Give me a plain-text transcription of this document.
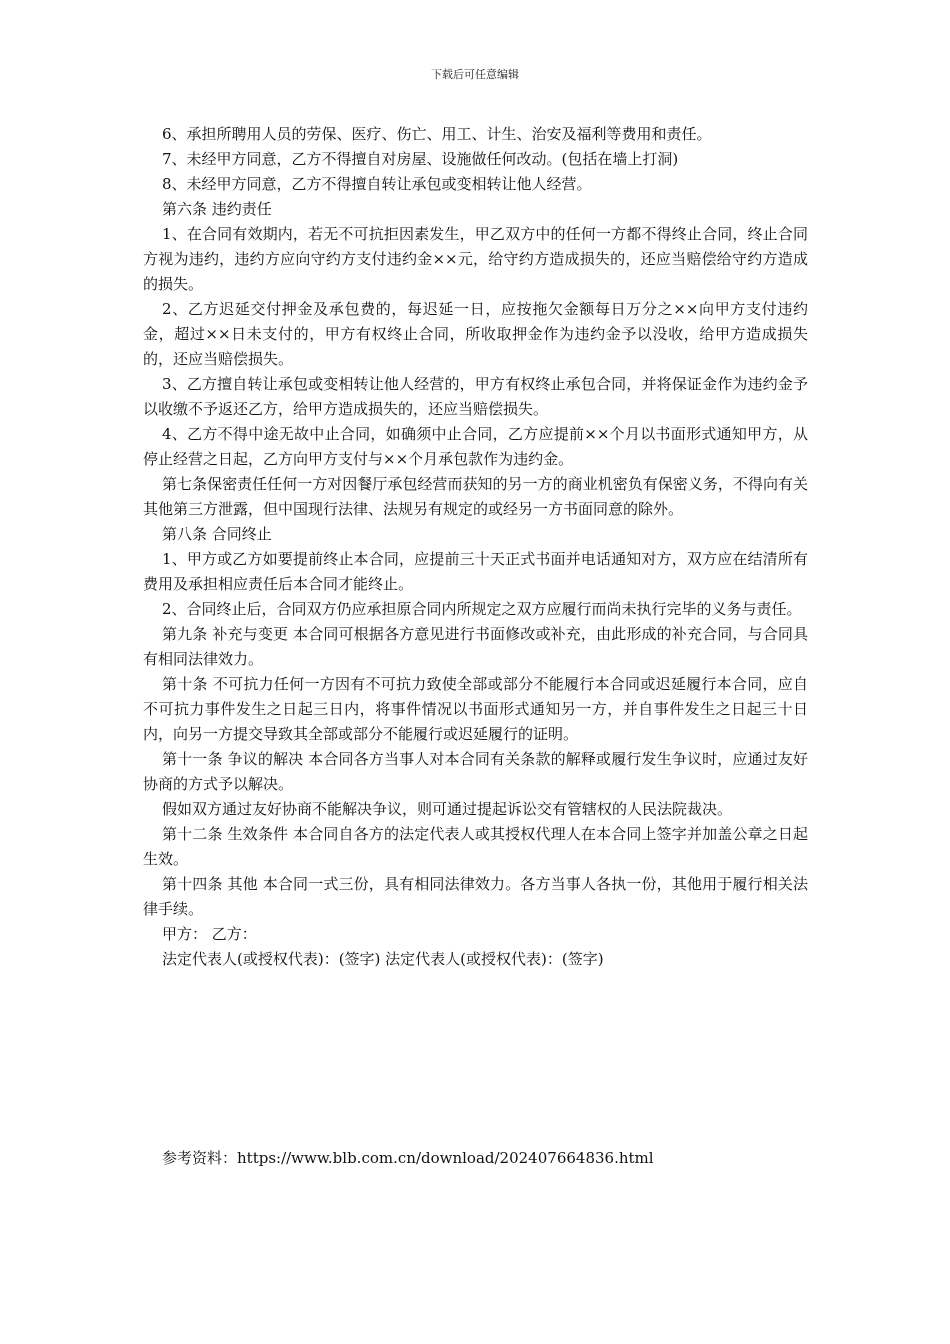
下载后可任意编辑

6、承担所聘用人员的劳保、医疗、伤亡、用工、计生、治安及福利等费用和责任。

7、未经甲方同意，乙方不得擅自对房屋、设施做任何改动。(包括在墙上打洞)

8、未经甲方同意，乙方不得擅自转让承包或变相转让他人经营。

第六条 违约责任

1、在合同有效期内，若无不可抗拒因素发生，甲乙双方中的任何一方都不得终止合同，终止合同方视为违约，违约方应向守约方支付违约金××元，给守约方造成损失的，还应当赔偿给守约方造成的损失。

2、乙方迟延交付押金及承包费的，每迟延一日，应按拖欠金额每日万分之××向甲方支付违约金，超过××日未支付的，甲方有权终止合同，所收取押金作为违约金予以没收，给甲方造成损失的，还应当赔偿损失。

3、乙方擅自转让承包或变相转让他人经营的，甲方有权终止承包合同，并将保证金作为违约金予以收缴不予返还乙方，给甲方造成损失的，还应当赔偿损失。

4、乙方不得中途无故中止合同，如确须中止合同，乙方应提前××个月以书面形式通知甲方，从停止经营之日起，乙方向甲方支付与××个月承包款作为违约金。

第七条保密责任任何一方对因餐厅承包经营而获知的另一方的商业机密负有保密义务，不得向有关其他第三方泄露，但中国现行法律、法规另有规定的或经另一方书面同意的除外。

第八条 合同终止

1、甲方或乙方如要提前终止本合同，应提前三十天正式书面并电话通知对方，双方应在结清所有费用及承担相应责任后本合同才能终止。

2、合同终止后，合同双方仍应承担原合同内所规定之双方应履行而尚未执行完毕的义务与责任。

第九条 补充与变更 本合同可根据各方意见进行书面修改或补充，由此形成的补充合同，与合同具有相同法律效力。

第十条 不可抗力任何一方因有不可抗力致使全部或部分不能履行本合同或迟延履行本合同，应自不可抗力事件发生之日起三日内，将事件情况以书面形式通知另一方，并自事件发生之日起三十日内，向另一方提交导致其全部或部分不能履行或迟延履行的证明。

第十一条 争议的解决 本合同各方当事人对本合同有关条款的解释或履行发生争议时，应通过友好协商的方式予以解决。

假如双方通过友好协商不能解决争议，则可通过提起诉讼交有管辖权的人民法院裁决。

第十二条 生效条件 本合同自各方的法定代表人或其授权代理人在本合同上签字并加盖公章之日起生效。

第十四条 其他 本合同一式三份，具有相同法律效力。各方当事人各执一份，其他用于履行相关法律手续。

甲方： 乙方：

法定代表人(或授权代表)：(签字) 法定代表人(或授权代表)：(签字)

参考资料：https://www.blb.com.cn/download/202407664836.html
